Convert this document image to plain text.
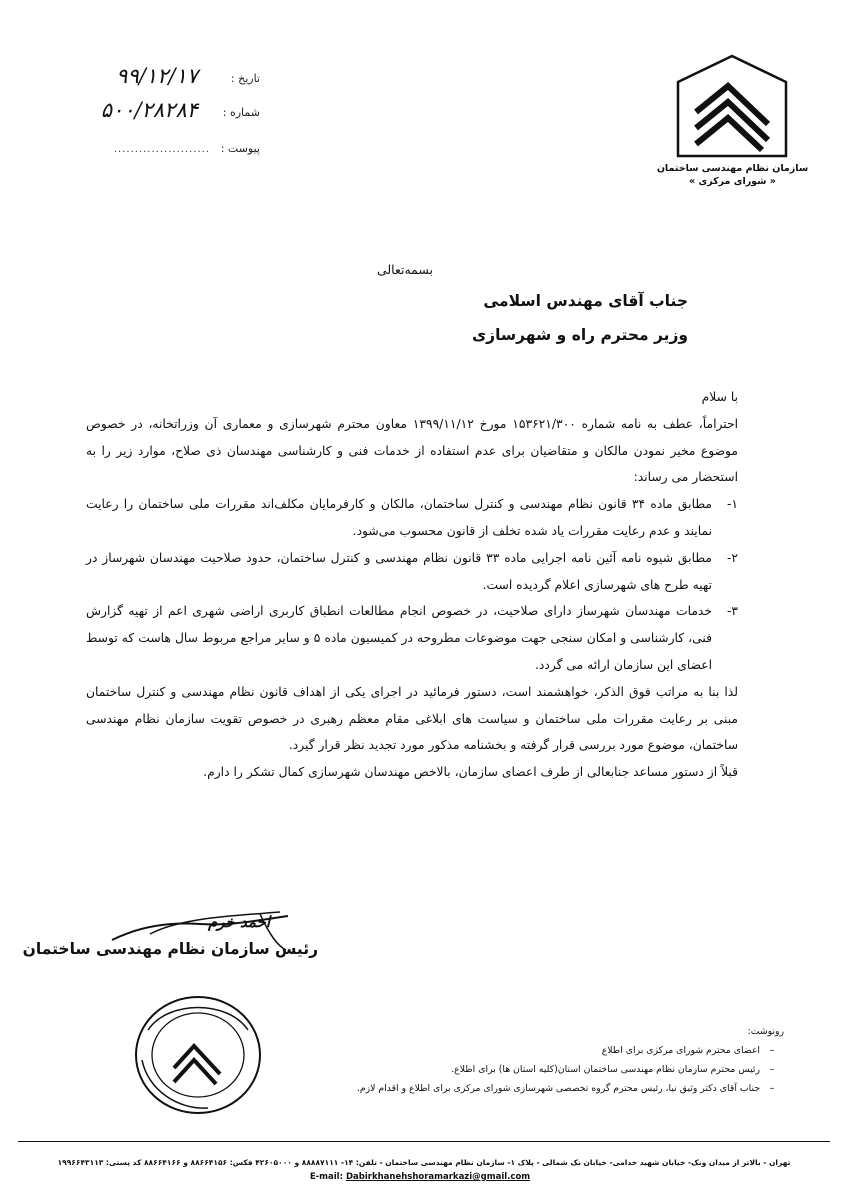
سازمان نظام مهندسی ساختمان
« شورای مرکزی »
تاریخ :
۹۹/۱۲/۱۷
شماره :
۵۰۰/۲۸۲۸۴
پیوست :
.......................
بسمه‌تعالی
جناب آقای مهندس اسلامی
وزیر محترم راه و شهرسازی

با سلام

احتراماً، عطف به نامه شماره ۱۵۳۶۲۱/۳۰۰ مورخ ۱۳۹۹/۱۱/۱۲ معاون محترم شهرسازی و معماری آن وزراتخانه، در خصوص موضوع مخیر نمودن مالکان و متقاضیان برای عدم استفاده از خدمات فنی و کارشناسی مهندسان ذی صلاح، موارد زیر را به استحضار می رساند:

۱-
مطابق ماده ۳۴ قانون نظام مهندسی و کنترل ساختمان، مالکان و کارفرمایان مکلف‌اند مقررات ملی ساختمان را رعایت نمایند و عدم رعایت مقررات یاد شده تخلف از قانون محسوب می‌شود.
۲-
مطابق شیوه نامه آئین نامه اجرایی ماده ۳۳ قانون نظام مهندسی و کنترل ساختمان، حدود صلاحیت مهندسان شهرساز در تهیه طرح های شهرسازی اعلام گردیده است.
۳-
خدمات مهندسان شهرساز دارای صلاحیت، در خصوص انجام مطالعات انطباق کاربری اراضی شهری اعم از تهیه گزارش فنی، کارشناسی و امکان سنجی جهت موضوعات مطروحه در کمیسیون ماده ۵ و سایر مراجع مربوط سال هاست که توسط اعضای این سازمان ارائه می گردد.

لذا بنا به مراتب فوق الذکر، خواهشمند است، دستور فرمائید در اجرای یکی از اهداف قانون نظام مهندسی و کنترل ساختمان مبنی بر رعایت مقررات ملی ساختمان و سیاست های ابلاغی مقام معظم رهبری در خصوص تقویت سازمان نظام مهندسی ساختمان، موضوع مورد بررسی قرار گرفته و بخشنامه مذکور مورد تجدید نظر قرار گیرد.

قبلاً از دستور مساعد جنابعالی از طرف اعضای سازمان، بالاخص مهندسان شهرسازی کمال تشکر را دارم.

احمد خرم
رئیس سازمان نظام مهندسی ساختمان
رونوشت:
–
اعضای محترم شورای مرکزی برای اطلاع
–
رئیس محترم سازمان نظام مهندسی ساختمان استان(کلیه استان ها) برای اطلاع.
–
جناب آقای دکتر وثیق نیا، رئیس محترم گروه تخصصی شهرسازی شورای مرکزی برای اطلاع و اقدام لازم.
تهران - بالاتر از میدان ونک- خیابان شهید خدامی- خیابان نک شمالی - پلاک ۱- سازمان نظام مهندسی ساختمان - تلفن: ۱۴- ۸۸۸۸۷۱۱۱ و ۴۲۶۰۵۰۰۰ فکس: ۸۸۶۶۴۱۵۶ و ۸۸۶۶۴۱۶۶ کد پستی: ۱۹۹۶۶۴۳۱۱۳
E-mail: Dabirkhanehshoramarkazi@gmail.com
